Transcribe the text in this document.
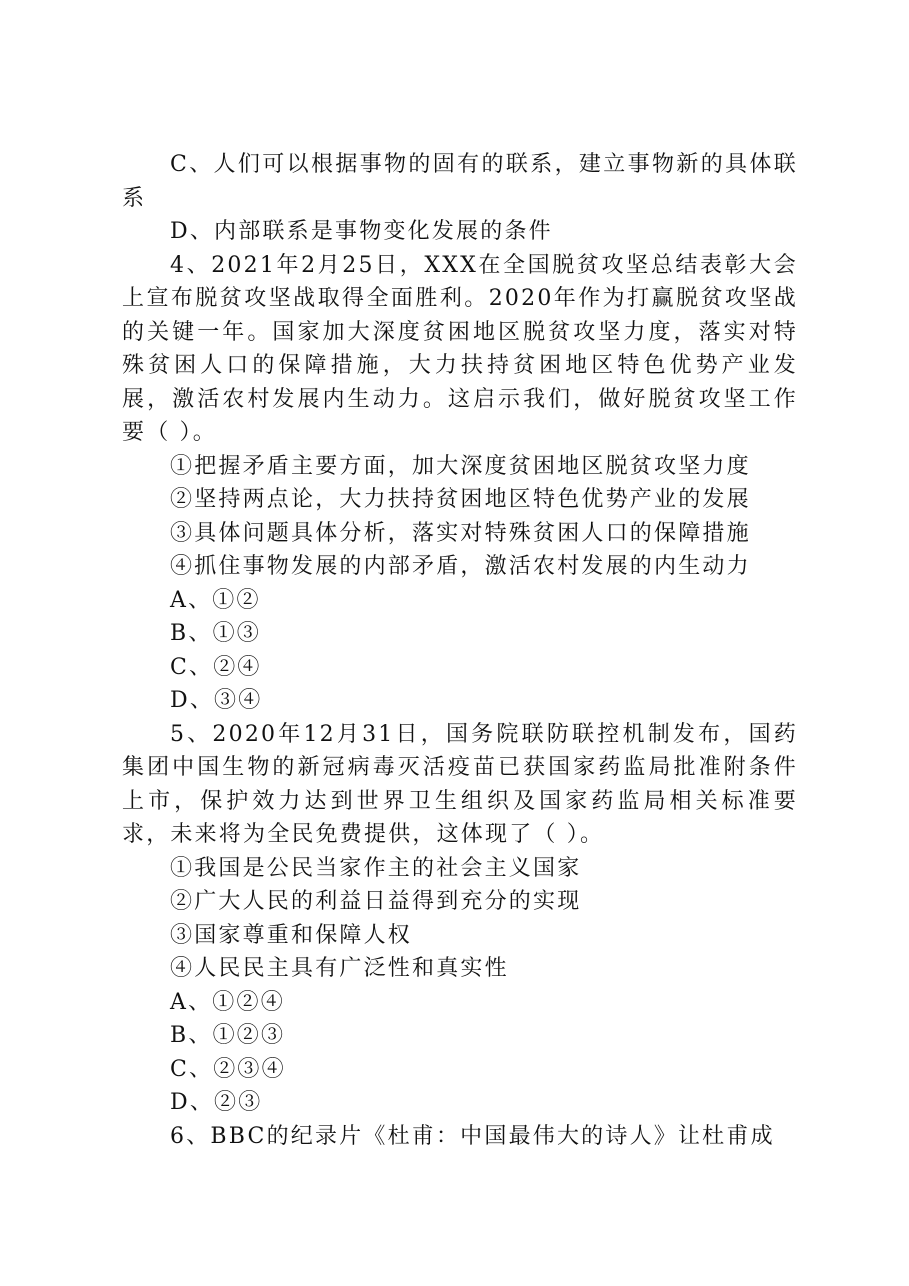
C、人们可以根据事物的固有的联系，建立事物新的具体联系

D、内部联系是事物变化发展的条件

4、2021年2月25日，XXX在全国脱贫攻坚总结表彰大会上宣布脱贫攻坚战取得全面胜利。2020年作为打赢脱贫攻坚战的关键一年。国家加大深度贫困地区脱贫攻坚力度，落实对特殊贫困人口的保障措施，大力扶持贫困地区特色优势产业发展，激活农村发展内生动力。这启示我们，做好脱贫攻坚工作要（ ）。

①把握矛盾主要方面，加大深度贫困地区脱贫攻坚力度

②坚持两点论，大力扶持贫困地区特色优势产业的发展

③具体问题具体分析，落实对特殊贫困人口的保障措施

④抓住事物发展的内部矛盾，激活农村发展的内生动力

A、①②

B、①③

C、②④

D、③④

5、2020年12月31日，国务院联防联控机制发布，国药集团中国生物的新冠病毒灭活疫苗已获国家药监局批准附条件上市，保护效力达到世界卫生组织及国家药监局相关标准要求，未来将为全民免费提供，这体现了（ ）。

①我国是公民当家作主的社会主义国家

②广大人民的利益日益得到充分的实现

③国家尊重和保障人权

④人民民主具有广泛性和真实性

A、①②④

B、①②③

C、②③④

D、②③

6、BBC的纪录片《杜甫：中国最伟大的诗人》让杜甫成
